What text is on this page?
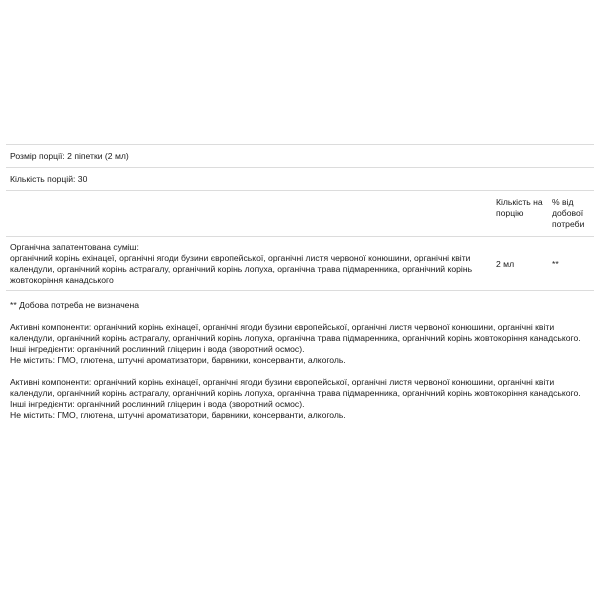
Розмір порції: 2 піпетки (2 мл)
Кількість порцій: 30
Кількість на порцію
% від добової потреби
Органічна запатентована суміш:
органічний корінь ехінацеї, органічні ягоди бузини європейської, органічні листя червоної конюшини, органічні квіти календули, органічний корінь астрагалу, органічний корінь лопуха, органічна трава підмаренника, органічний корінь жовтокоріння канадського
2 мл	**
** Добова потреба не визначена
Активні компоненти: органічний корінь ехінацеї, органічні ягоди бузини європейської, органічні листя червоної конюшини, органічні квіти календули, органічний корінь астрагалу, органічний корінь лопуха, органічна трава підмаренника, органічний корінь жовтокоріння канадського.
Інші інгредієнти: органічний рослинний гліцерин і вода (зворотний осмос).
Не містить: ГМО, глютена, штучні ароматизатори, барвники, консерванти, алкоголь.
Активні компоненти: органічний корінь ехінацеї, органічні ягоди бузини європейської, органічні листя червоної конюшини, органічні квіти календули, органічний корінь астрагалу, органічний корінь лопуха, органічна трава підмаренника, органічний корінь жовтокоріння канадського.
Інші інгредієнти: органічний рослинний гліцерин і вода (зворотний осмос).
Не містить: ГМО, глютена, штучні ароматизатори, барвники, консерванти, алкоголь.
